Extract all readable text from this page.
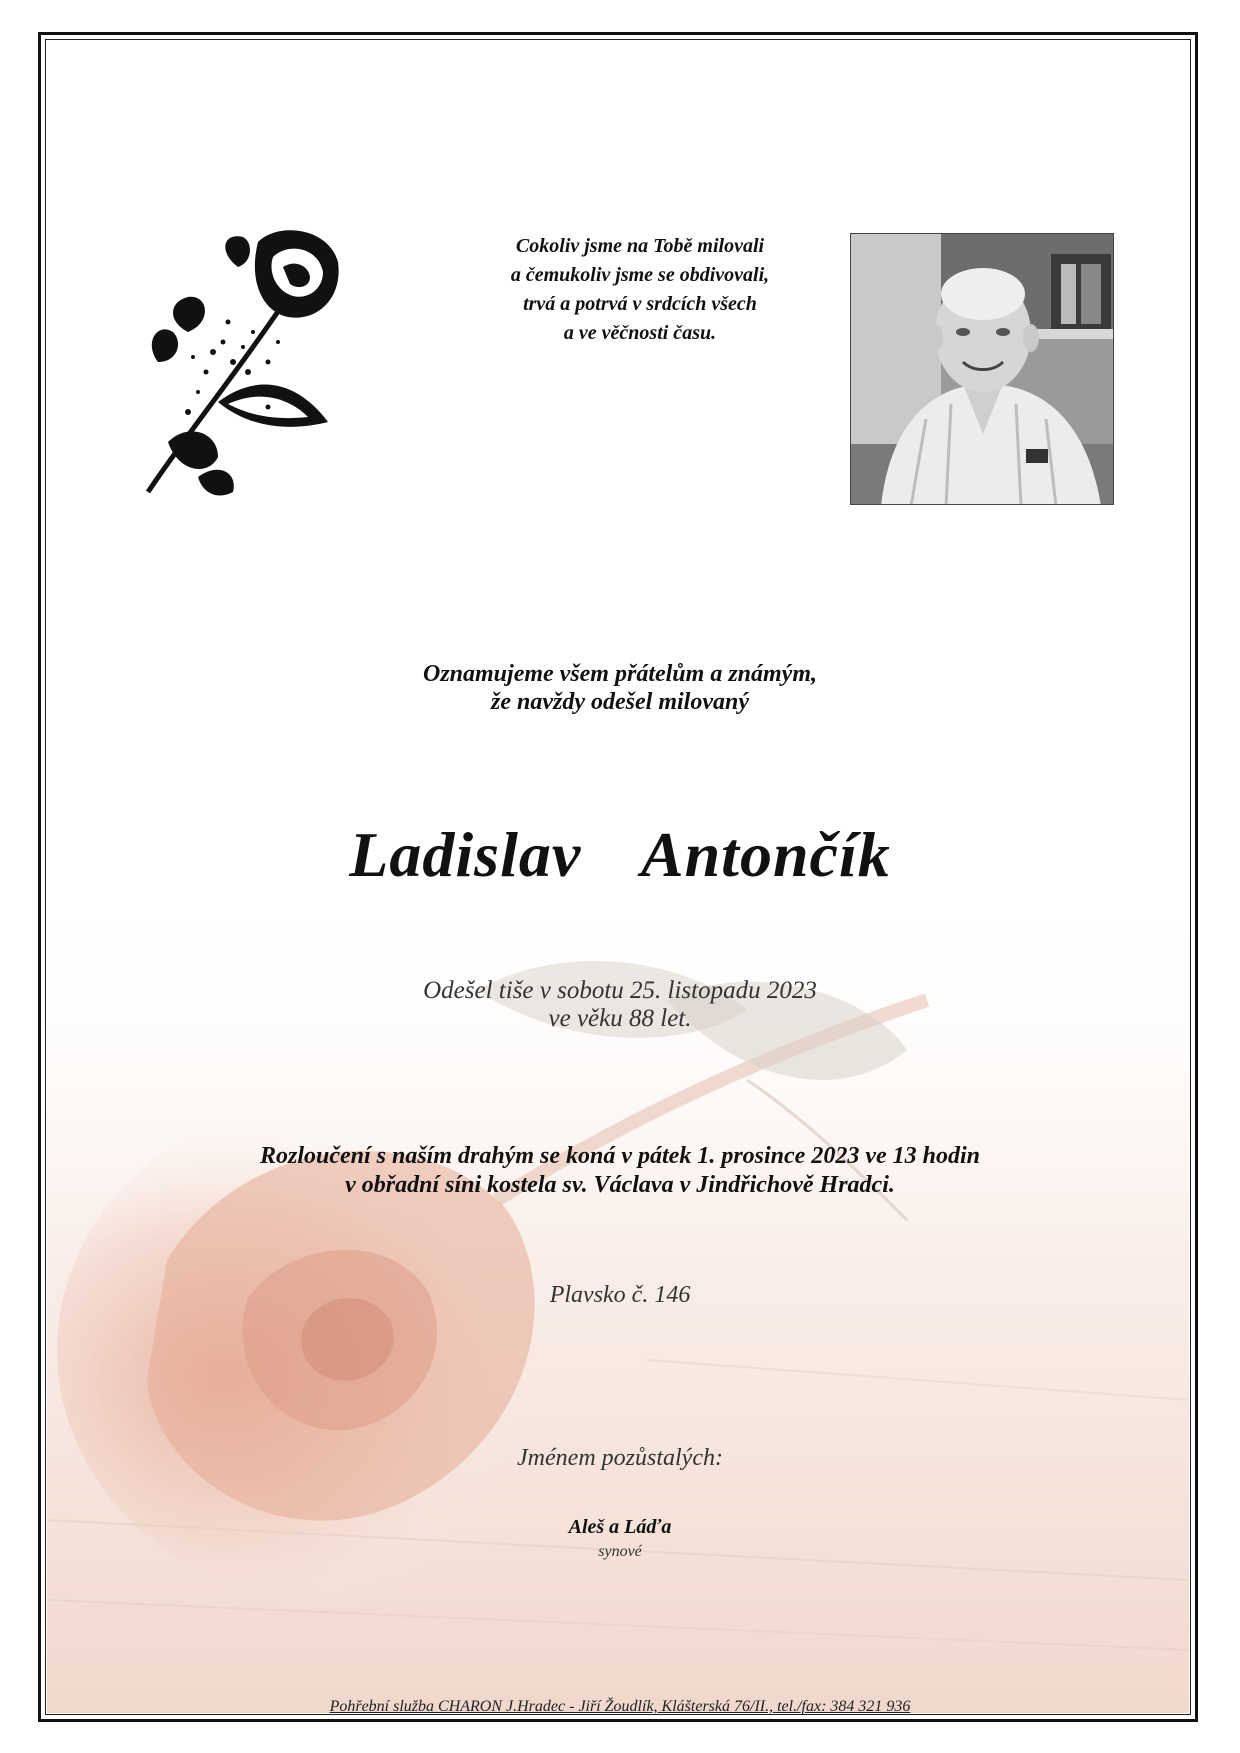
Cokoliv jsme na Tobě milovali
a čemukoliv jsme se obdivovali,
trvá a potrvá v srdcích všech
a ve věčnosti času.
Oznamujeme všem přátelům a známým,
že navždy odešel milovaný
Ladislav  Antončík
Odešel tiše v sobotu 25. listopadu 2023
ve věku 88 let.
Rozloučení s naším drahým se koná v pátek 1. prosince 2023 ve 13 hodin
v obřadní síni kostela sv. Václava v Jindřichově Hradci.
Plavsko č. 146
Jménem pozůstalých:
Aleš a Láďa
synové
Pohřební služba CHARON J.Hradec - Jiří Žoudlík, Klášterská 76/II., tel./fax: 384 321 936
